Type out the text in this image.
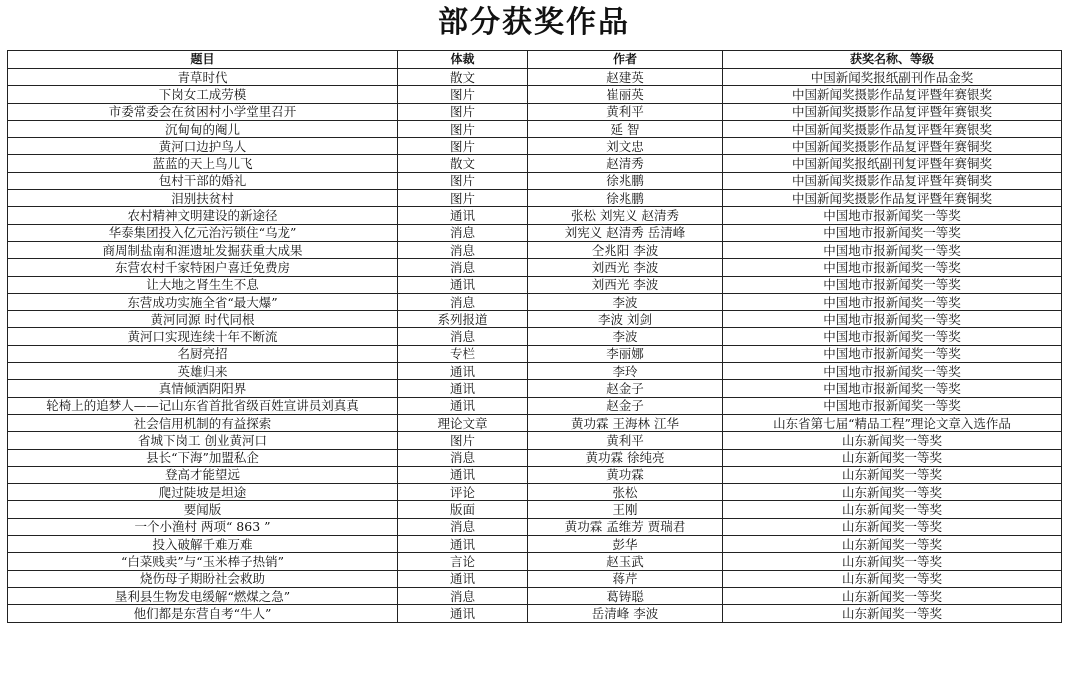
部分获奖作品
题目	体裁	作者	获奖名称、等级
青草时代	散文	赵建英	中国新闻奖报纸副刊作品金奖
下岗女工成劳模	图片	崔丽英	中国新闻奖摄影作品复评暨年赛银奖
市委常委会在贫困村小学堂里召开	图片	黄利平	中国新闻奖摄影作品复评暨年赛银奖
沉甸甸的阉儿	图片	延 智	中国新闻奖摄影作品复评暨年赛银奖
黄河口边护鸟人	图片	刘文忠	中国新闻奖摄影作品复评暨年赛铜奖
蓝蓝的天上鸟儿飞	散文	赵清秀	中国新闻奖报纸副刊复评暨年赛铜奖
包村干部的婚礼	图片	徐兆鹏	中国新闻奖摄影作品复评暨年赛铜奖
泪别扶贫村	图片	徐兆鹏	中国新闻奖摄影作品复评暨年赛铜奖
农村精神文明建设的新途径	通讯	张松 刘宪义 赵清秀	中国地市报新闻奖一等奖
华泰集团投入亿元治污锁住“乌龙”	消息	刘宪义 赵清秀 岳清峰	中国地市报新闻奖一等奖
商周制盐南和涯遗址发掘获重大成果	消息	仝兆阳 李波	中国地市报新闻奖一等奖
东营农村千家特困户喜迁免费房	消息	刘西光 李波	中国地市报新闻奖一等奖
让大地之肾生生不息	通讯	刘西光 李波	中国地市报新闻奖一等奖
东营成功实施全省“最大爆”	消息	李波	中国地市报新闻奖一等奖
黄河同源 时代同根	系列报道	李波 刘剑	中国地市报新闻奖一等奖
黄河口实现连续十年不断流	消息	李波	中国地市报新闻奖一等奖
名厨亮招	专栏	李丽娜	中国地市报新闻奖一等奖
英雄归来	通讯	李玲	中国地市报新闻奖一等奖
真情倾洒阴阳界	通讯	赵金子	中国地市报新闻奖一等奖
轮椅上的追梦人——记山东省首批省级百姓宣讲员刘真真	通讯	赵金子	中国地市报新闻奖一等奖
社会信用机制的有益探索	理论文章	黄功霖 王海林 江华	山东省第七届“精品工程”理论文章入选作品
省城下岗工 创业黄河口	图片	黄利平	山东新闻奖一等奖
县长“下海”加盟私企	消息	黄功霖 徐纯亮	山东新闻奖一等奖
登高才能望远	通讯	黄功霖	山东新闻奖一等奖
爬过陡坡是坦途	评论	张松	山东新闻奖一等奖
要闻版	版面	王刚	山东新闻奖一等奖
一个小渔村 两项“ 863 ”	消息	黄功霖 孟维芳 贾瑞君	山东新闻奖一等奖
投入破解千难万难	通讯	彭华	山东新闻奖一等奖
“白菜贱卖”与“玉米棒子热销”	言论	赵玉武	山东新闻奖一等奖
烧伤母子期盼社会救助	通讯	蒋芹	山东新闻奖一等奖
垦利县生物发电缓解“燃煤之急”	消息	葛铸聪	山东新闻奖一等奖
他们都是东营自考“牛人”	通讯	岳清峰 李波	山东新闻奖一等奖
